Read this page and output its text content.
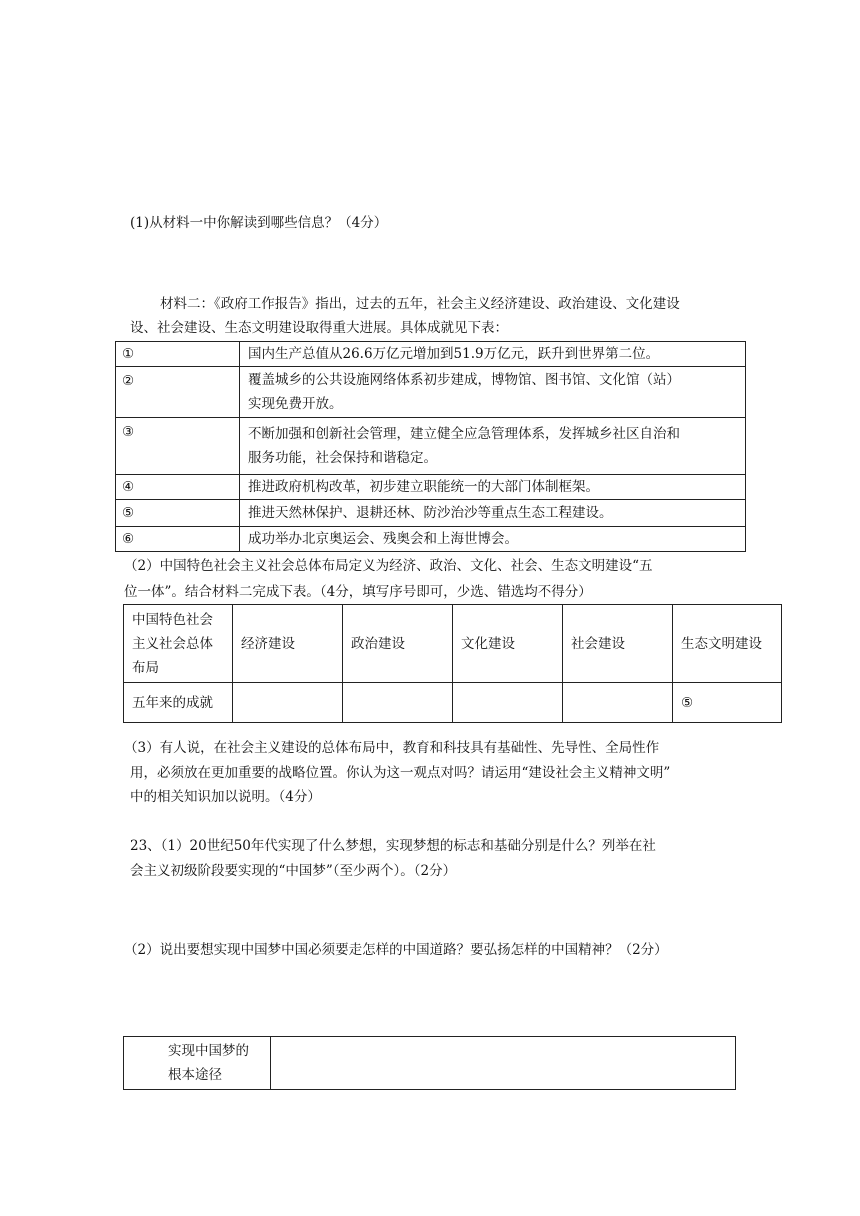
(1)从材料一中你解读到哪些信息？（4分）
材料二：《政府工作报告》指出，过去的五年，社会主义经济建设、政治建设、文化建设
设、社会建设、生态文明建设取得重大进展。具体成就见下表：
①	国内生产总值从26.6万亿元增加到51.9万亿元，跃升到世界第二位。
②	覆盖城乡的公共设施网络体系初步建成，博物馆、图书馆、文化馆（站）
实现免费开放。

③	不断加强和创新社会管理，建立健全应急管理体系，发挥城乡社区自治和
服务功能，社会保持和谐稳定。

④	推进政府机构改革，初步建立职能统一的大部门体制框架。
⑤	推进天然林保护、退耕还林、防沙治沙等重点生态工程建设。
⑥	成功举办北京奥运会、残奥会和上海世博会。
（2）中国特色社会主义社会总体布局定义为经济、政治、文化、社会、生态文明建设“五
位一体”。结合材料二完成下表。（4分，填写序号即可，少选、错选均不得分）
中国特色社会
主义社会总体
布局	经济建设	政治建设	文化建设	社会建设	生态文明建设
五年来的成就					⑤
（3）有人说，在社会主义建设的总体布局中，教育和科技具有基础性、先导性、全局性作
用，必须放在更加重要的战略位置。你认为这一观点对吗？请运用“建设社会主义精神文明”
中的相关知识加以说明。（4分）
23、（1）20世纪50年代实现了什么梦想，实现梦想的标志和基础分别是什么？列举在社
会主义初级阶段要实现的“中国梦”（至少两个）。（2分）
（2）说出要想实现中国梦中国必须要走怎样的中国道路？要弘扬怎样的中国精神？（2分）
实现中国梦的
根本途径
